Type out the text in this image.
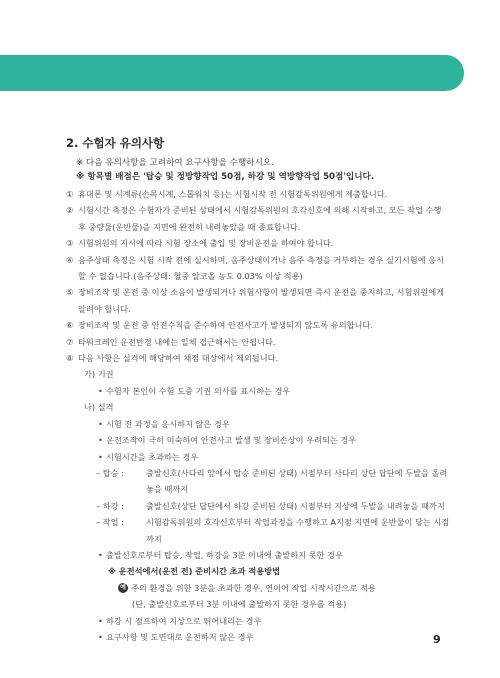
2. 수험자 유의사항
※ 다음 유의사항을 고려하여 요구사항을 수행하시오.
※ 항목별 배점은 '탑승 및 정방향작업 50점, 하강 및 역방향작업 50점'입니다.
① 휴대폰 및 시계류(손목시계, 스톱워치 등)는 시험시작 전 시험감독위원에게 제출합니다.
② 시험시간 측정은 수험자가 준비된 상태에서 시험감독위원의 호각신호에 의해 시작하고, 모든 작업 수행 후 중량물(운반물)을 지면에 완전히 내려놓았을 때 종료합니다.
③ 시험위원의 지시에 따라 시험 장소에 출입 및 장비운전을 하여야 합니다.
④ 음주상태 측정은 시험 시작 전에 실시하며, 음주상태이거나 음주 측정을 거부하는 경우 실기시험에 응시할 수 없습니다.(음주상태: 혈중 알코올 농도 0.03% 이상 적용)
⑤ 장비조작 및 운전 중 이상 소음이 발생되거나 위험사항이 발생되면 즉시 운전을 중지하고, 시험위원에게 알려야 합니다.
⑥ 장비조작 및 운전 중 안전수칙을 준수하여 안전사고가 발생되지 않도록 유의합니다.
⑦ 타워크레인 운전반경 내에는 일체 접근해서는 안됩니다.
⑧ 다음 사항은 실격에 해당하여 채점 대상에서 제외됩니다.
가) 기권
• 수험자 본인이 수험 도중 기권 의사를 표시하는 경우
나) 실격
• 시험 전 과정을 응시하지 않은 경우
• 운전조작이 극히 미숙하여 안전사고 발생 및 장비손상이 우려되는 경우
• 시험시간을 초과하는 경우
– 탑승 :	출발신호(사다리 앞에서 탑승 준비된 상태) 시점부터 사다리 상단 답단에 두발을 올려놓을 때까지
– 하강 :	출발신호(상단 답단에서 하강 준비된 상태) 시점부터 지상에 두발을 내려놓을 때까지
– 작업 :	시험감독위원의 호각신호부터 작업과정을 수행하고 A지점 지면에 운반물이 닿는 시점까지
• 출발신호로부터 탑승, 작업, 하강을 3분 이내에 출발하지 못한 경우
※ 운전석에서(운전 전) 준비시간 초과 적용방법
예 주의 환경을 위한 3분을 초과한 경우, 연이어 작업 시작시간으로 적용
(단, 출발신호로부터 3분 이내에 출발하지 못한 경우를 적용)
• 하강 시 점프하여 지상으로 뛰어내리는 경우
• 요구사항 및 도면대로 운전하지 않은 경우	9
